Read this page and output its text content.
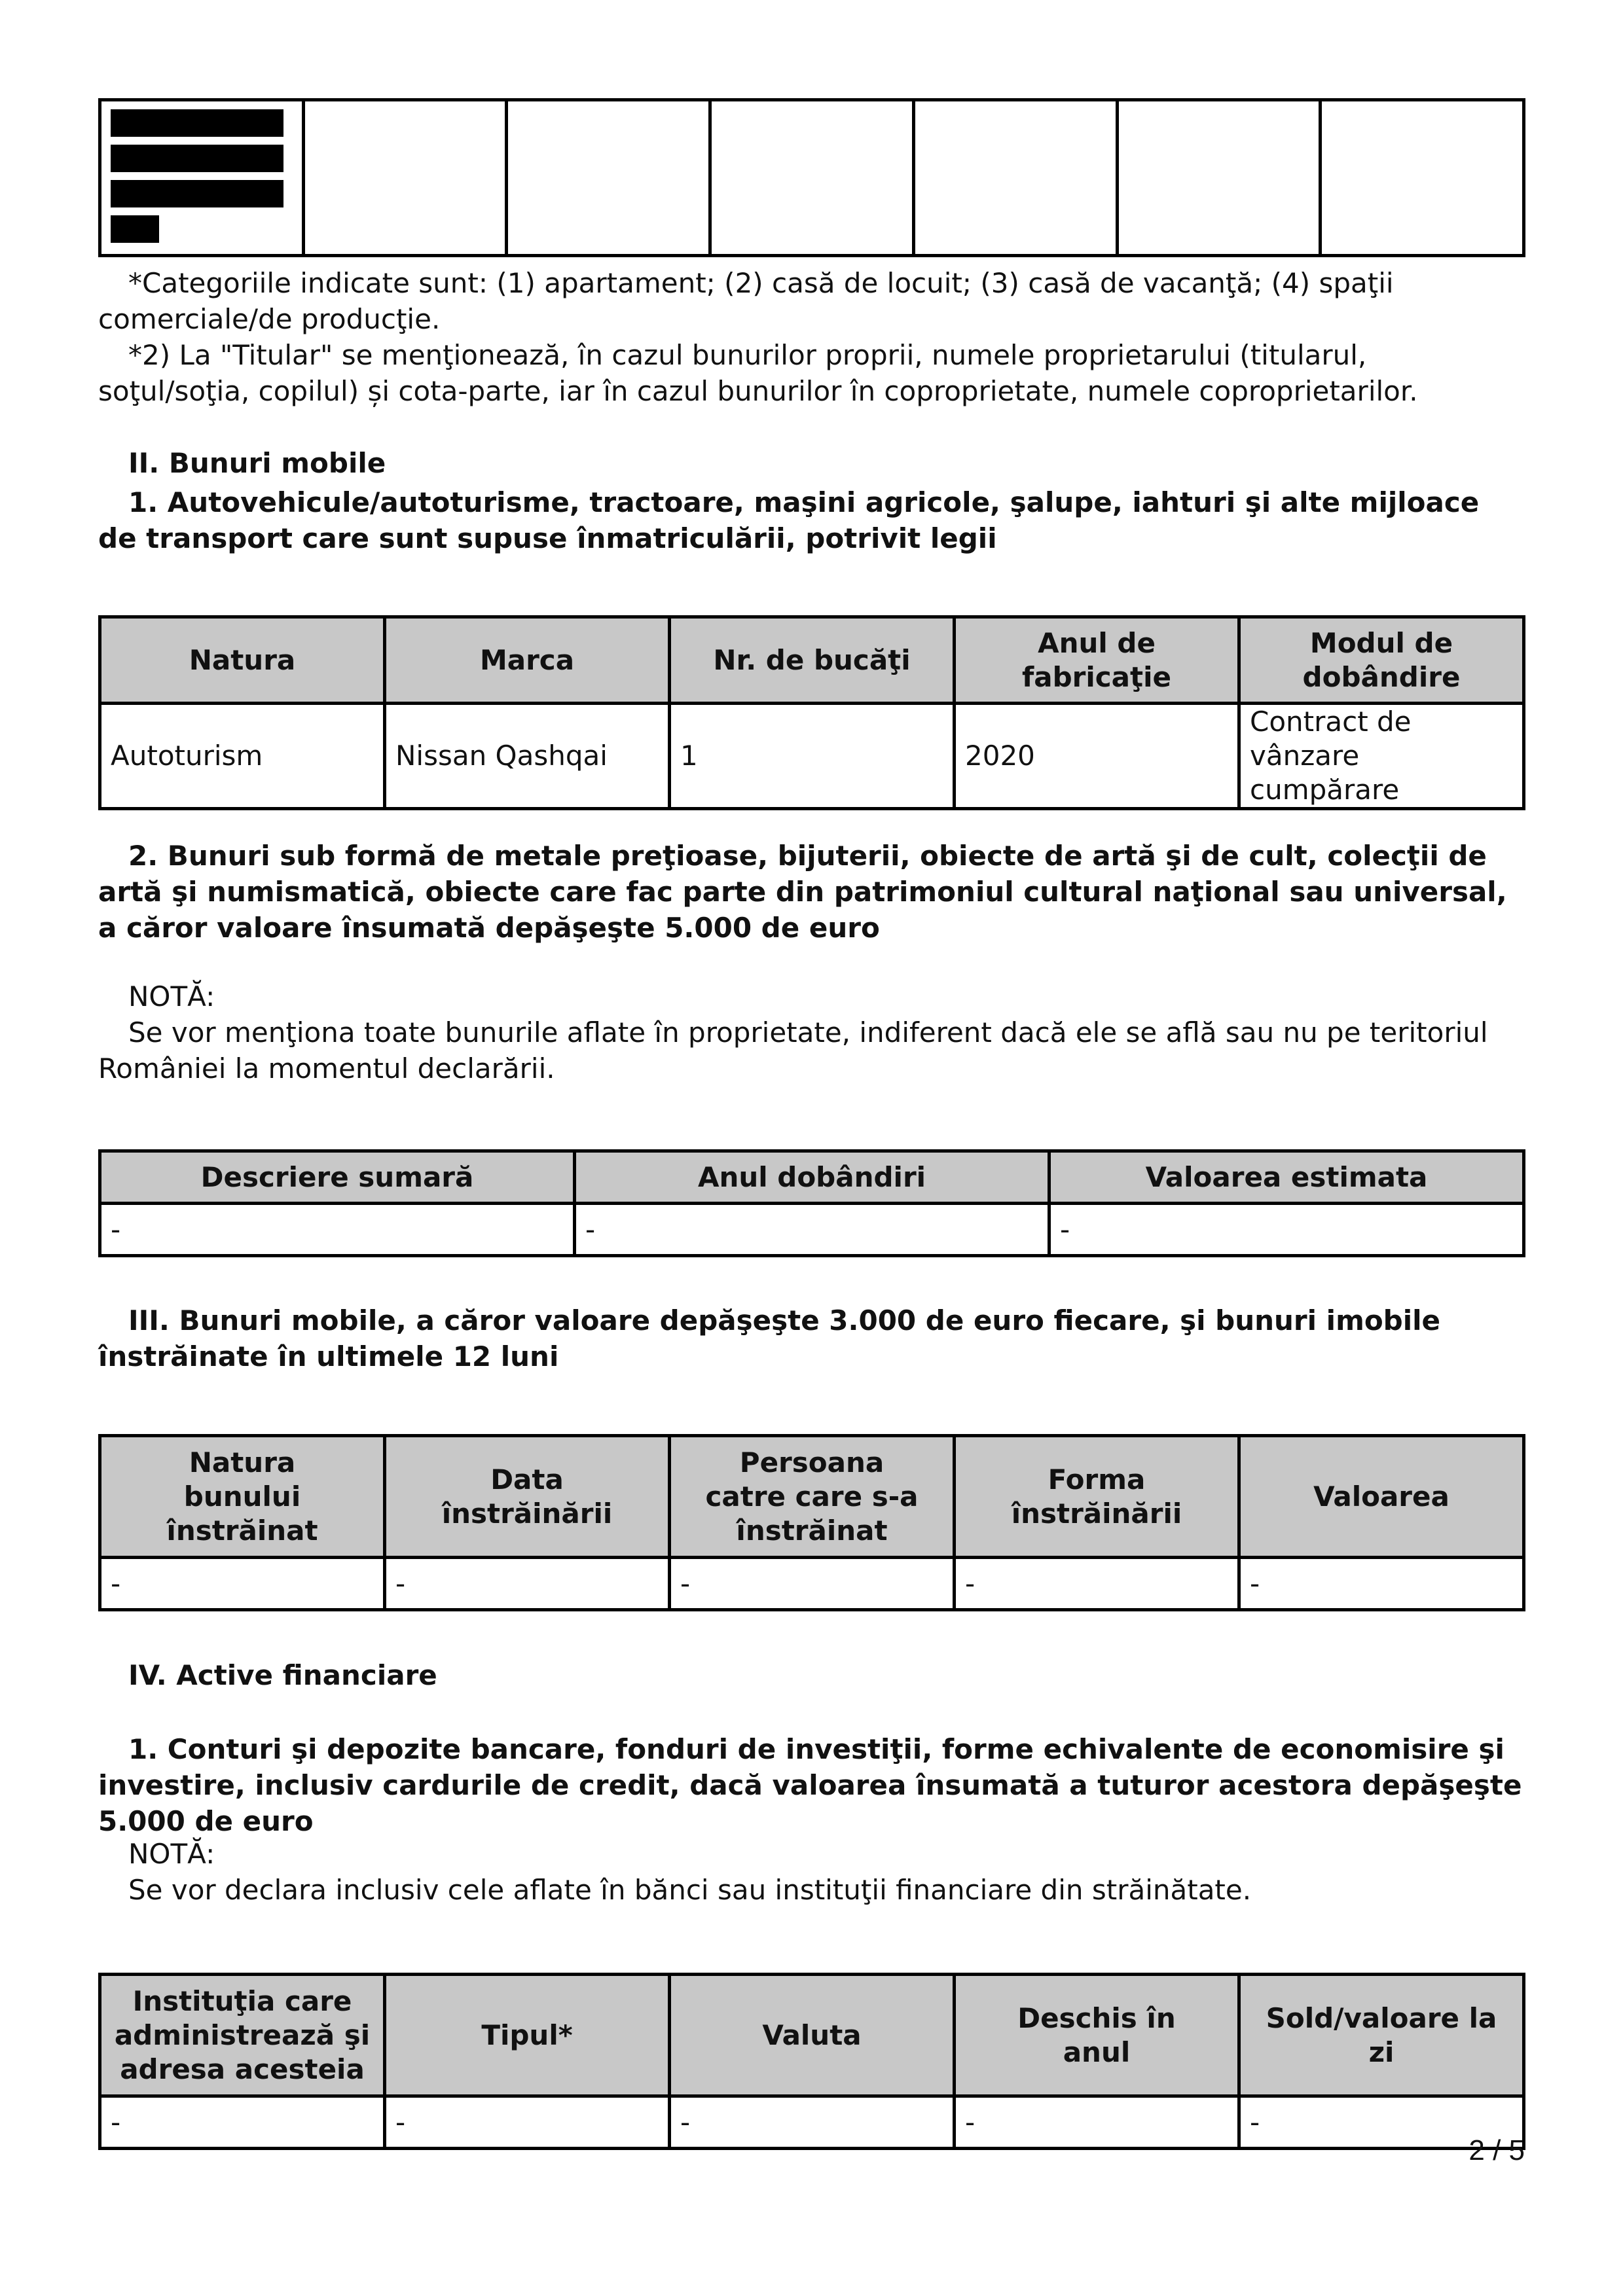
*Categoriile indicate sunt: (1) apartament; (2) casă de locuit; (3) casă de vacanţă; (4) spaţii comerciale/de producţie.

*2) La "Titular" se menţionează, în cazul bunurilor proprii, numele proprietarului (titularul, soţul/soţia, copilul) și cota-parte, iar în cazul bunurilor în coproprietate, numele coproprietarilor.

II. Bunuri mobile

1. Autovehicule/autoturisme, tractoare, maşini agricole, şalupe, iahturi şi alte mijloace de transport care sunt supuse înmatriculării, potrivit legii

Natura	Marca	Nr. de bucăţi	Anul de fabricaţie	Modul de dobândire
Autoturism	Nissan Qashqai	1	2020	Contract de vânzare cumpărare

2. Bunuri sub formă de metale preţioase, bijuterii, obiecte de artă şi de cult, colecţii de artă şi numismatică, obiecte care fac parte din patrimoniul cultural naţional sau universal, a căror valoare însumată depăşeşte 5.000 de euro

NOTĂ:

Se vor menţiona toate bunurile aflate în proprietate, indiferent dacă ele se află sau nu pe teritoriul României la momentul declarării.

Descriere sumară	Anul dobândiri	Valoarea estimata
-	-	-

III. Bunuri mobile, a căror valoare depăşeşte 3.000 de euro fiecare, şi bunuri imobile înstrăinate în ultimele 12 luni

Natura bunului înstrăinat	Data înstrăinării	Persoana catre care s-a înstrăinat	Forma înstrăinării	Valoarea
-	-	-	-	-

IV. Active financiare

1. Conturi şi depozite bancare, fonduri de investiţii, forme echivalente de economisire şi investire, inclusiv cardurile de credit, dacă valoarea însumată a tuturor acestora depăşeşte 5.000 de euro

NOTĂ:

Se vor declara inclusiv cele aflate în bănci sau instituţii financiare din străinătate.

Instituţia care administrează şi adresa acesteia	Tipul*	Valuta	Deschis în anul	Sold/valoare la zi
-	-	-	-	-
2 / 5
